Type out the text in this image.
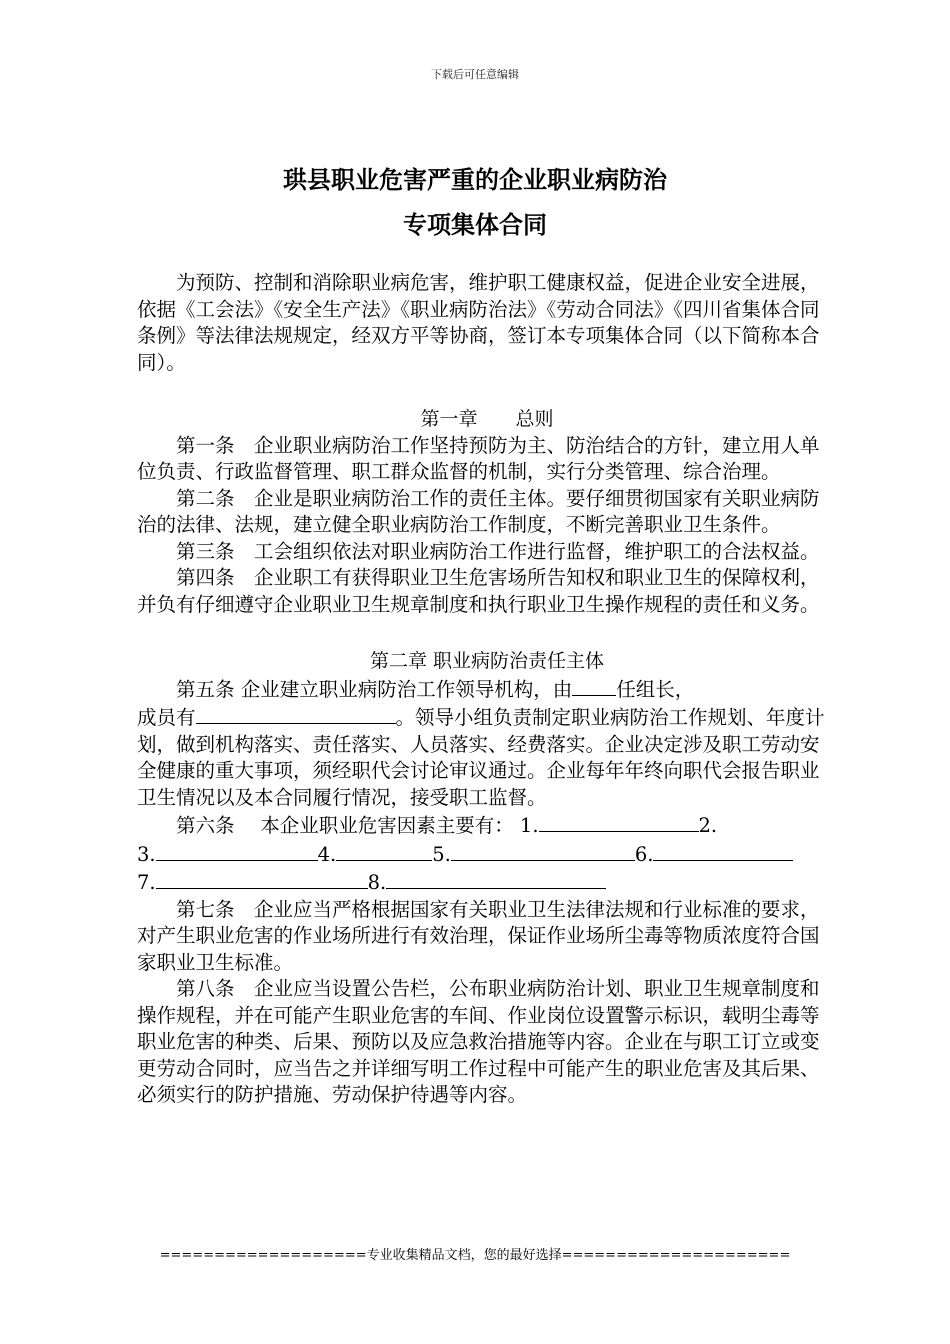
下载后可任意编辑
珙县职业危害严重的企业职业病防治
专项集体合同

为预防、控制和消除职业病危害，维护职工健康权益，促进企业安全进展，依据《工会法》《安全生产法》《职业病防治法》《劳动合同法》《四川省集体合同条例》等法律法规规定，经双方平等协商，签订本专项集体合同（以下简称本合同）。

第一章　　总则

第一条　企业职业病防治工作坚持预防为主、防治结合的方针，建立用人单位负责、行政监督管理、职工群众监督的机制，实行分类管理、综合治理。

第二条　企业是职业病防治工作的责任主体。要仔细贯彻国家有关职业病防治的法律、法规，建立健全职业病防治工作制度，不断完善职业卫生条件。

第三条　工会组织依法对职业病防治工作进行监督，维护职工的合法权益。

第四条　企业职工有获得职业卫生危害场所告知权和职业卫生的保障权利，并负有仔细遵守企业职业卫生规章制度和执行职业卫生操作规程的责任和义务。

第二章 职业病防治责任主体

第五条 企业建立职业病防治工作领导机构，由 任组长，
成员有	。领导小组负责制定职业病防治工作规划、年度计划，做到机构落实、责任落实、人员落实、经费落实。企业决定涉及职工劳动安全健康的重大事项，须经职代会讨论审议通过。企业每年年终向职代会报告职业卫生情况以及本合同履行情况，接受职工监督。

第六条　 本企业职业危害因素主要有： 1.	2.

3.	4.	5.	6.

7.	8.

第七条　企业应当严格根据国家有关职业卫生法律法规和行业标准的要求，对产生职业危害的作业场所进行有效治理，保证作业场所尘毒等物质浓度符合国家职业卫生标准。

第八条　企业应当设置公告栏，公布职业病防治计划、职业卫生规章制度和操作规程，并在可能产生职业危害的车间、作业岗位设置警示标识，载明尘毒等职业危害的种类、后果、预防以及应急救治措施等内容。企业在与职工订立或变更劳动合同时，应当告之并详细写明工作过程中可能产生的职业危害及其后果、必须实行的防护措施、劳动保护待遇等内容。

===================专业收集精品文档，您的最好选择=====================
